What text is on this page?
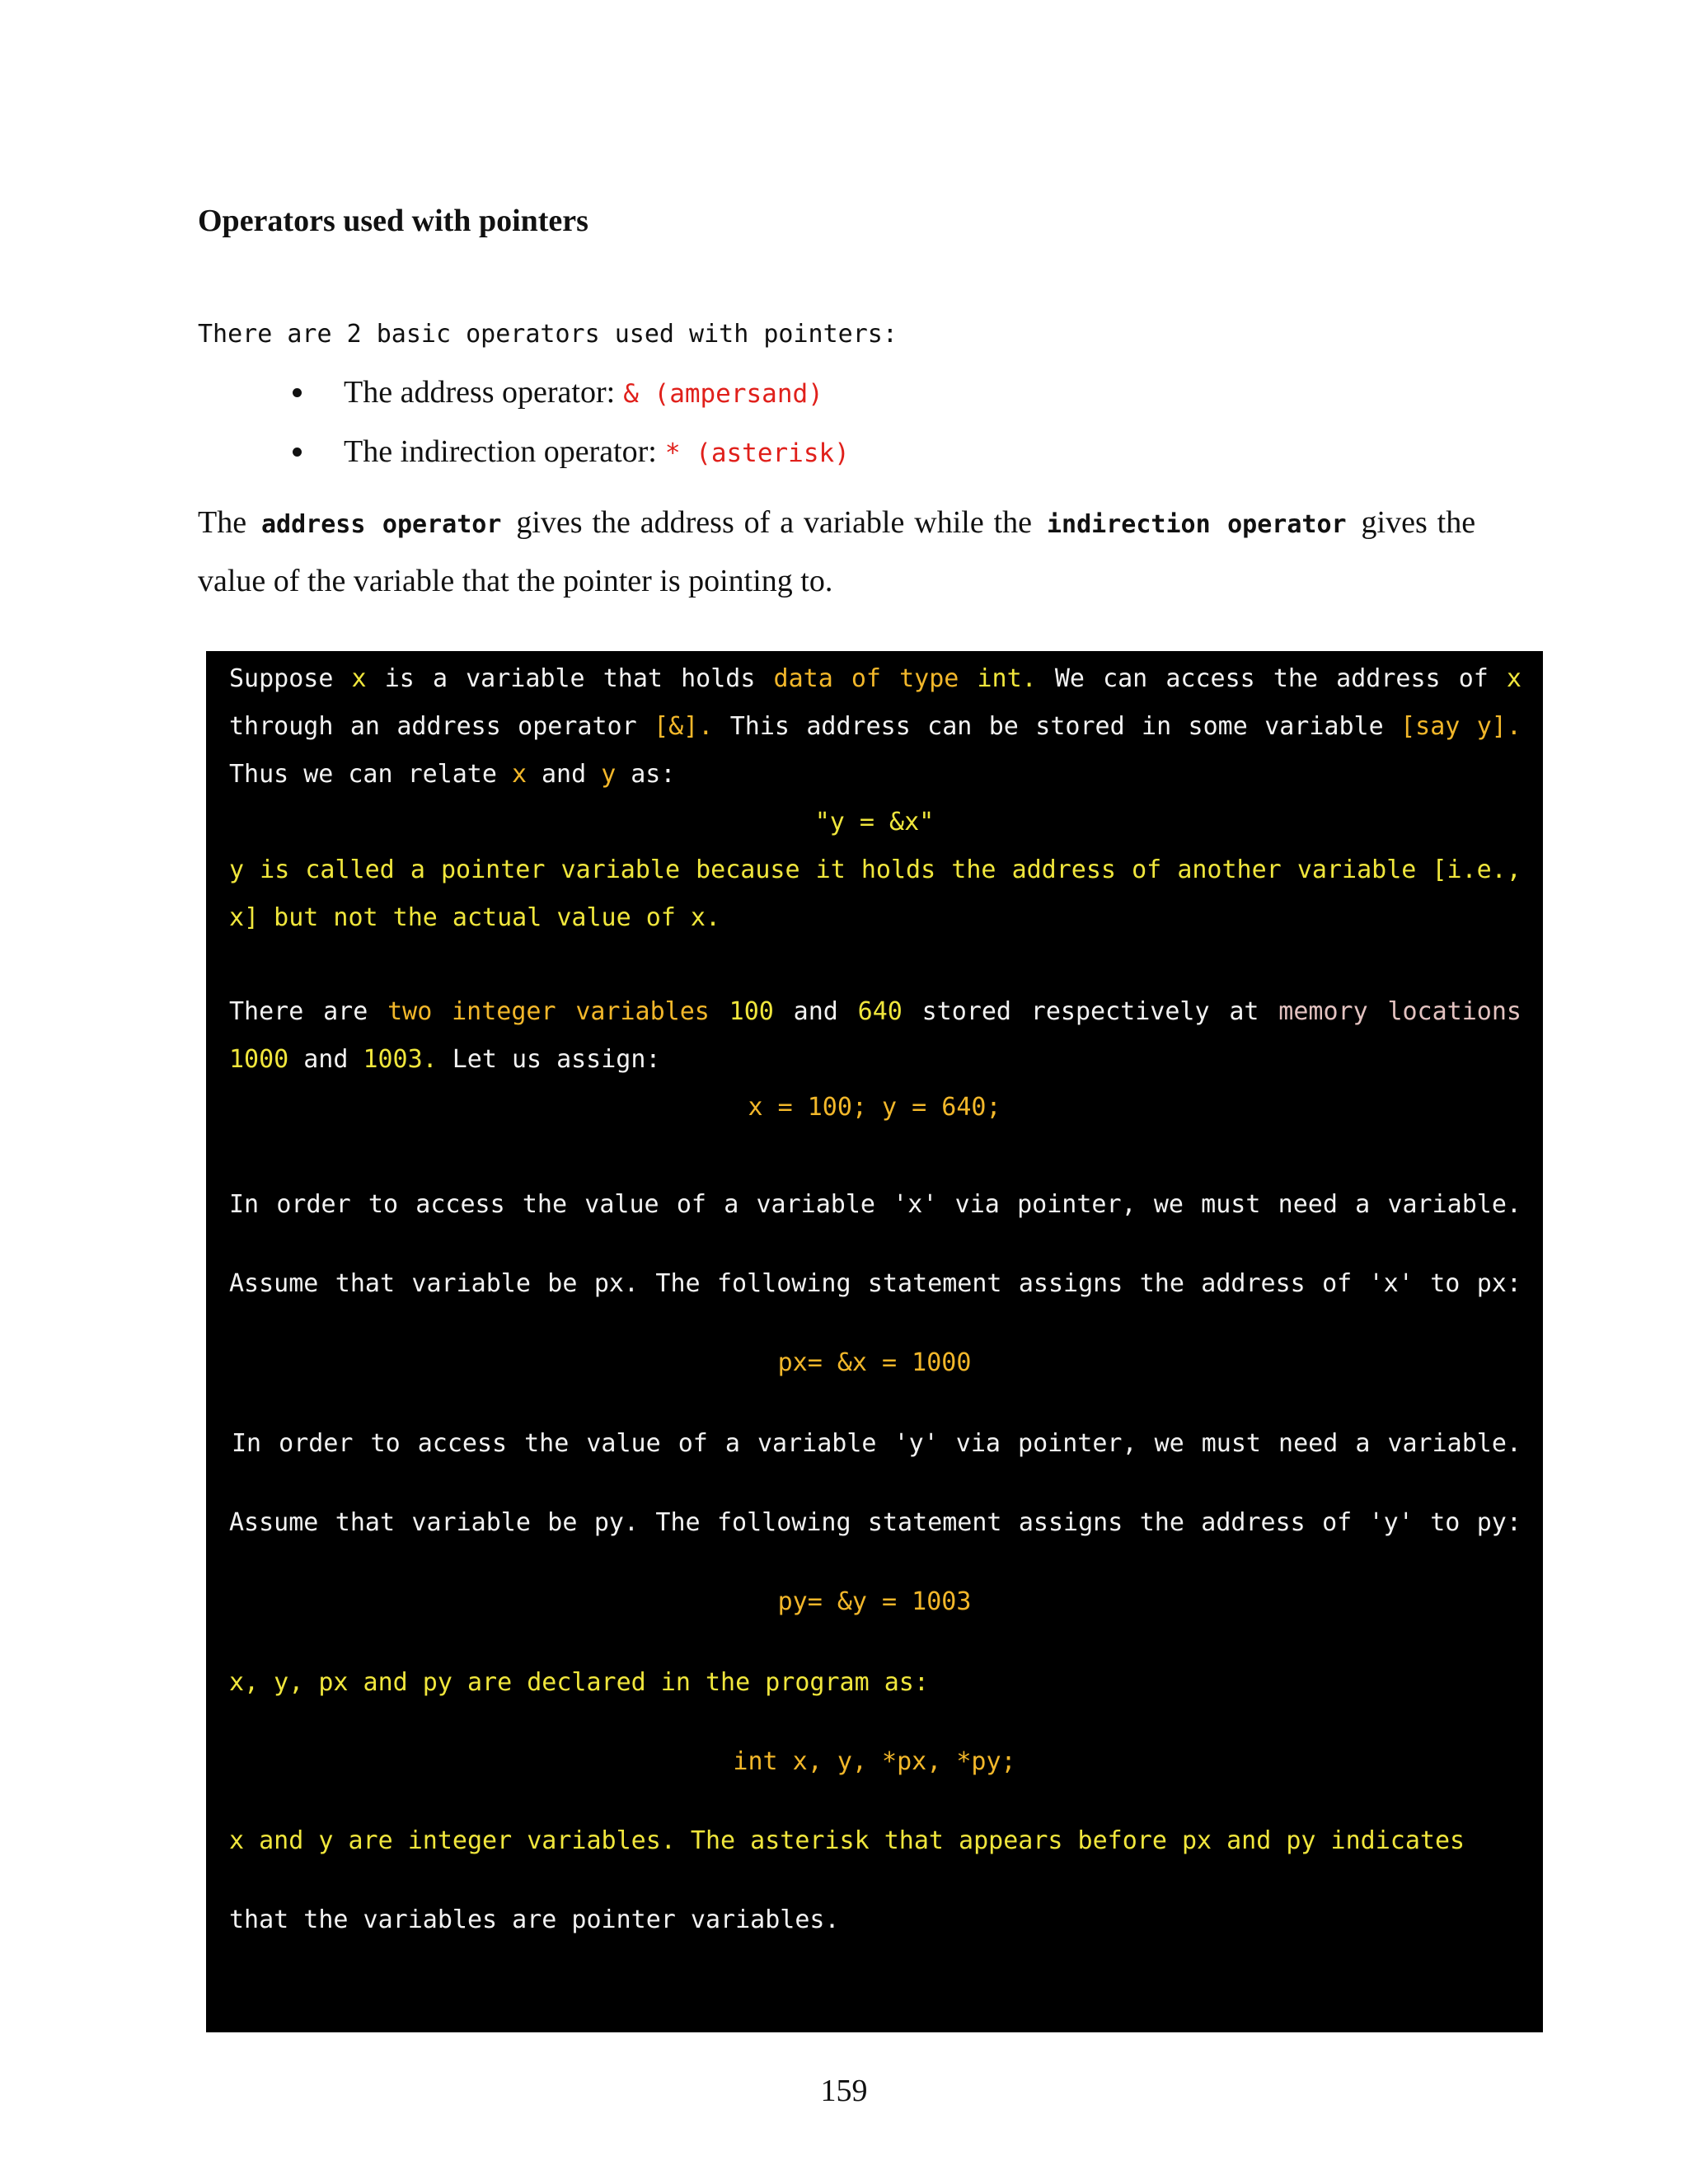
Operators used with pointers
There are 2 basic operators used with pointers:
The address operator: & (ampersand)
The indirection operator: * (asterisk)
The address operator gives the address of a variable while the indirection operator gives the value of the variable that the pointer is pointing to.
Suppose x is a variable that holds data of type int. We can access the address of x
through an address operator [&]. This address can be stored in some variable [say y].
Thus we can relate x and y as:
"y = &x"
y is called a pointer variable because it holds the address of another variable [i.e.,
x] but not the actual value of x.
There are two integer variables 100 and 640 stored respectively at memory locations
1000 and 1003. Let us assign:
x = 100; y = 640;
In order to access the value of a variable 'x' via pointer, we must need a variable.
Assume that variable be px. The following statement assigns the address of 'x' to px:
px= &x = 1000
In order to access the value of a variable 'y' via pointer, we must need a variable.
Assume that variable be py. The following statement assigns the address of 'y' to py:
py= &y = 1003
x, y, px and py are declared in the program as:
int x, y, *px, *py;
x and y are integer variables. The asterisk that appears before px and py indicates
that the variables are pointer variables.
159
